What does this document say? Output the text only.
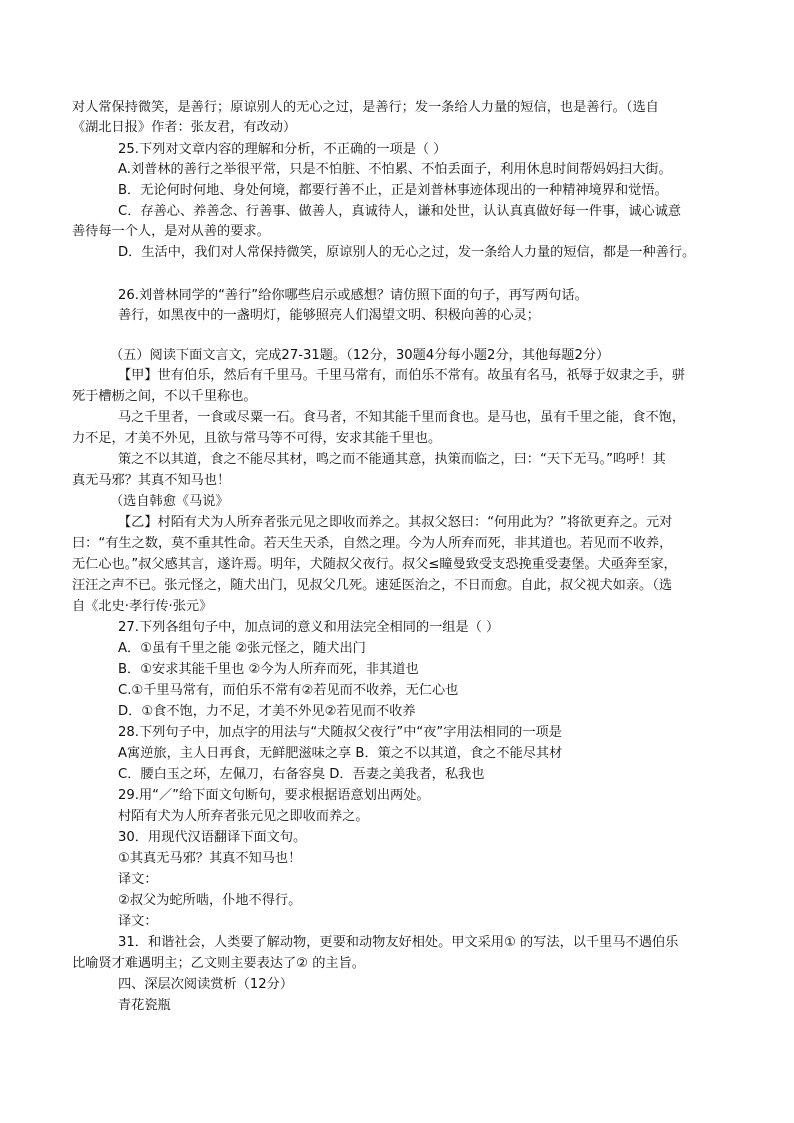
对人常保持微笑，是善行；原谅别人的无心之过，是善行；发一条给人力量的短信，也是善行。（选自
《湖北日报》作者：张友君，有改动）
25.下列对文章内容的理解和分析，不正确的一项是（ ）
A.刘普林的善行之举很平常，只是不怕脏、不怕累、不怕丢面子，利用休息时间帮妈妈扫大街。
B．无论何时何地、身处何境，都要行善不止，正是刘普林事迹体现出的一种精神境界和觉悟。
C．存善心、养善念、行善事、做善人，真诚待人，谦和处世，认认真真做好每一件事，诚心诚意
善待每一个人，是对从善的要求。
D．生活中，我们对人常保持微笑，原谅别人的无心之过，发一条给人力量的短信，都是一种善行。
26.刘普林同学的“善行”给你哪些启示或感想？请仿照下面的句子，再写两句话。
善行，如黑夜中的一盏明灯，能够照亮人们渴望文明、积极向善的心灵；
（五）阅读下面文言文，完成27-31题。（12分，30题4分每小题2分，其他每题2分）
【甲】世有伯乐，然后有千里马。千里马常有，而伯乐不常有。故虽有名马，祇辱于奴隶之手，骈
死于槽枥之间，不以千里称也。
马之千里者，一食或尽粟一石。食马者，不知其能千里而食也。是马也，虽有千里之能，食不饱，
力不足，才美不外见，且欲与常马等不可得，安求其能千里也。
策之不以其道，食之不能尽其材，鸣之而不能通其意，执策而临之，曰：“天下无马。”呜呼！其
真无马邪？其真不知马也！
（选自韩愈《马说》
【乙】村陌有犬为人所弃者张元见之即收而养之。其叔父怒曰：“何用此为？”将欲更弃之。元对
曰：“有生之数，莫不重其性命。若天生天杀，自然之理。今为人所弃而死，非其道也。若见而不收养，
无仁心也。”叔父感其言，遂许焉。明年，犬随叔父夜行。叔父≤瞳曼致受支恐挽重受妻堡。犬亟奔至家，
汪汪之声不已。张元怪之，随犬出门，见叔父几死。速延医治之，不日而愈。自此，叔父视犬如亲。（选
自《北史·孝行传·张元》
27.下列各组句子中，加点词的意义和用法完全相同的一组是（ ）
A．①虽有千里之能 ②张元怪之，随犬出门
B．①安求其能千里也 ②今为人所弃而死，非其道也
C.①千里马常有，而伯乐不常有②若见而不收养，无仁心也
D．①食不饱，力不足，才美不外见②若见而不收养
28.下列句子中，加点字的用法与“犬随叔父夜行”中“夜”字用法相同的一项是
A寓逆旅，主人日再食，无鲜肥滋味之享 B．策之不以其道，食之不能尽其材
C．腰白玉之环，左佩刀，右备容臭 D．吾妻之美我者，私我也
29.用“／”给下面文句断句，要求根据语意划出两处。
村陌有犬为人所弃者张元见之即收而养之。
30．用现代汉语翻译下面文句。
①其真无马邪？其真不知马也！
译文：
②叔父为蛇所啮，仆地不得行。
译文：
31．和谐社会，人类要了解动物，更要和动物友好相处。甲文采用① 的写法，以千里马不遇伯乐
比喻贤才难遇明主；乙文则主要表达了② 的主旨。
四、深层次阅读赏析（12分）
青花瓷瓶
